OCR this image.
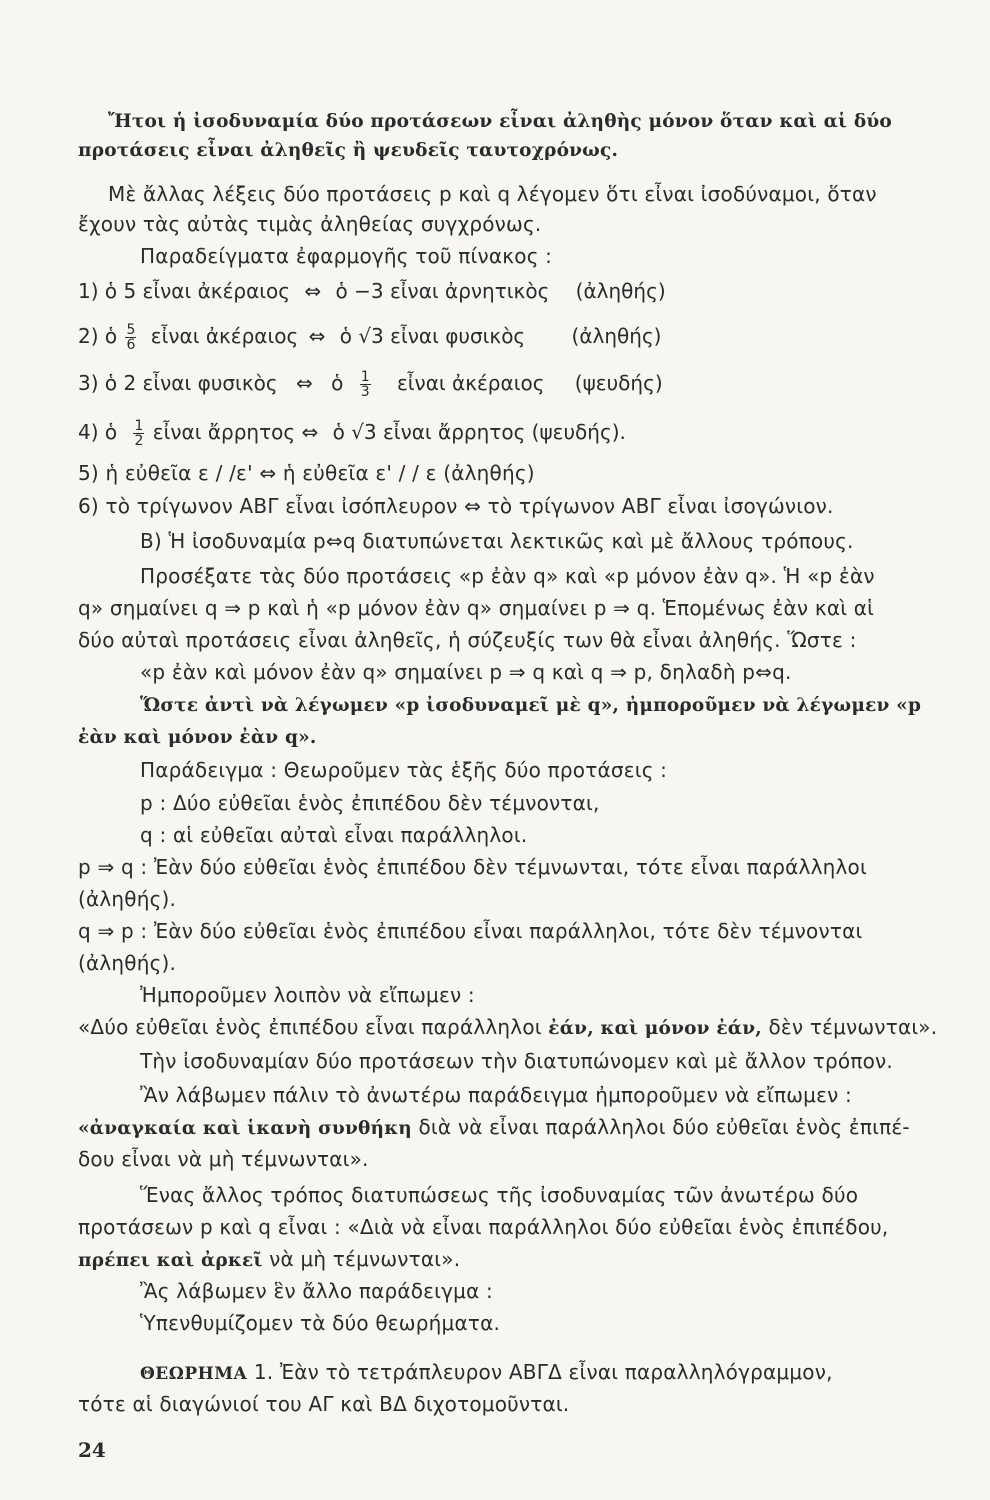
Ἤτοι ἡ ἰσοδυναμία δύο προτάσεων εἶναι ἀληθὴς μόνον ὅταν καὶ αἱ δύο
προτάσεις εἶναι ἀληθεῖς ἢ ψευδεῖς ταυτοχρόνως.
Μὲ ἄλλας λέξεις δύο προτάσεις p καὶ q λέγομεν ὅτι εἶναι ἰσοδύναμοι, ὅταν
ἔχουν τὰς αὐτὰς τιμὰς ἀληθείας συγχρόνως.
Παραδείγματα ἐφαρμογῆς τοῦ πίνακος :
1) ὁ 5 εἶναι ἀκέραιος ⇔ ὁ −3 εἶναι ἀρνητικὸς (ἀληθής)
2) ὁ $\frac{5}{6}$ εἶναι ἀκέραιος ⇔ ὁ √3 εἶναι φυσικὸς (ἀληθής)
3) ὁ 2 εἶναι φυσικὸς ⇔ ὁ $\frac{1}{3}$ εἶναι ἀκέραιος (ψευδής)
4) ὁ $\frac{1}{2}$ εἶναι ἄρρητος ⇔ ὁ √3 εἶναι ἄρρητος (ψευδής).
5) ἡ εὐθεῖα ε / /ε' ⇔ ἡ εὐθεῖα ε' / / ε (ἀληθής)
6) τὸ τρίγωνον ΑΒΓ εἶναι ἰσόπλευρον ⇔ τὸ τρίγωνον ΑΒΓ εἶναι ἰσογώνιον.
Β) Ἡ ἰσοδυναμία p⇔q διατυπώνεται λεκτικῶς καὶ μὲ ἄλλους τρόπους.
Προσέξατε τὰς δύο προτάσεις «p ἐὰν q» καὶ «p μόνον ἐὰν q». Ἡ «p ἐὰν
q» σημαίνει q ⇒ p καὶ ἡ «p μόνον ἐὰν q» σημαίνει p ⇒ q. Ἑπομένως ἐὰν καὶ αἱ
δύο αὐταὶ προτάσεις εἶναι ἀληθεῖς, ἡ σύζευξίς των θὰ εἶναι ἀληθής. Ὥστε :
«p ἐὰν καὶ μόνον ἐὰν q» σημαίνει p ⇒ q καὶ q ⇒ p, δηλαδὴ p⇔q.
Ὥστε ἀντὶ νὰ λέγωμεν «p ἰσοδυναμεῖ μὲ q», ἠμποροῦμεν νὰ λέγωμεν «p
ἐὰν καὶ μόνον ἐὰν q».
Παράδειγμα : Θεωροῦμεν τὰς ἑξῆς δύο προτάσεις :
p : Δύο εὐθεῖαι ἑνὸς ἐπιπέδου δὲν τέμνονται,
q : αἱ εὐθεῖαι αὐταὶ εἶναι παράλληλοι.
p ⇒ q : Ἐὰν δύο εὐθεῖαι ἑνὸς ἐπιπέδου δὲν τέμνωνται, τότε εἶναι παράλληλοι
(ἀληθής).
q ⇒ p : Ἐὰν δύο εὐθεῖαι ἑνὸς ἐπιπέδου εἶναι παράλληλοι, τότε δὲν τέμνονται
(ἀληθής).
Ἠμποροῦμεν λοιπὸν νὰ εἴπωμεν :
«Δύο εὐθεῖαι ἑνὸς ἐπιπέδου εἶναι παράλληλοι ἐάν, καὶ μόνον ἐάν, δὲν τέμνωνται».
Τὴν ἰσοδυναμίαν δύο προτάσεων τὴν διατυπώνομεν καὶ μὲ ἄλλον τρόπον.
Ἂν λάβωμεν πάλιν τὸ ἀνωτέρω παράδειγμα ἠμποροῦμεν νὰ εἴπωμεν :
«ἀναγκαία καὶ ἱκανὴ συνθήκη διὰ νὰ εἶναι παράλληλοι δύο εὐθεῖαι ἑνὸς ἐπιπέ-
δου εἶναι νὰ μὴ τέμνωνται».
Ἕνας ἄλλος τρόπος διατυπώσεως τῆς ἰσοδυναμίας τῶν ἀνωτέρω δύο
προτάσεων p καὶ q εἶναι : «Διὰ νὰ εἶναι παράλληλοι δύο εὐθεῖαι ἑνὸς ἐπιπέδου,
πρέπει καὶ ἀρκεῖ νὰ μὴ τέμνωνται».
Ἂς λάβωμεν ἓν ἄλλο παράδειγμα :
Ὑπενθυμίζομεν τὰ δύο θεωρήματα.
ΘΕΩΡΗΜΑ 1. Ἐὰν τὸ τετράπλευρον ΑΒΓΔ εἶναι παραλληλόγραμμον,
τότε αἱ διαγώνιοί του ΑΓ καὶ ΒΔ διχοτομοῦνται.
24
